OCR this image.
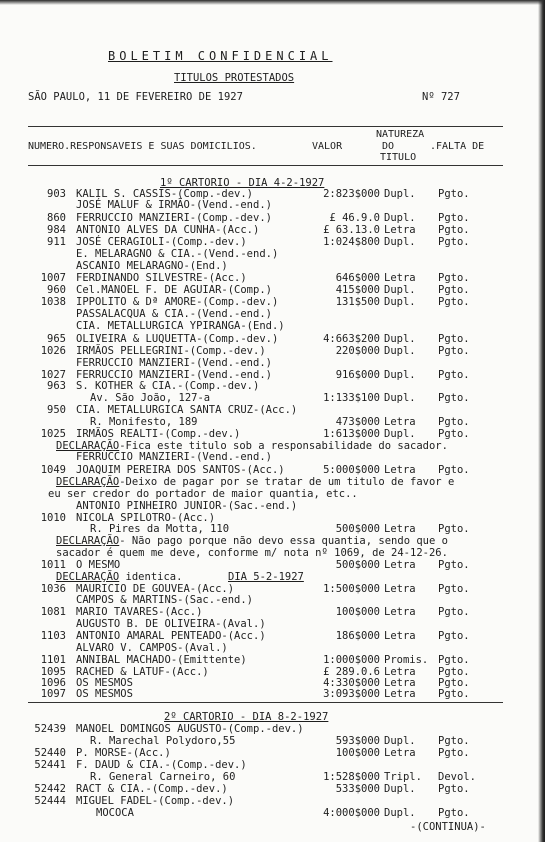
BOLETIM CONFIDENCIAL
TITULOS PROTESTADOS
SÃO PAULO, 11 DE FEVEREIRO DE 1927	Nº 727
NUMERO.RESPONSAVEIS E SUAS DOMICILIOS.	VALOR
NATUREZA
DO
TITULO
.FALTA DE
1º CARTORIO - DIA 4-2-1927
903 KALIL S. CASSIS-(Comp.-dev.)	2:823$000 Dupl. Pgto.
JOSÉ MALUF & IRMÃO-(Vend.-end.)
860 FERRUCCIO MANZIERI-(Comp.-dev.)	£ 46.9.0 Dupl. Pgto.
984 ANTONIO ALVES DA CUNHA-(Acc.)	£ 63.13.0 Letra Pgto.
911 JOSÉ CERAGIOLI-(Comp.-dev.)	1:024$800 Dupl. Pgto.
E. MELARAGNO & CIA.-(Vend.-end.)
ASCANIO MELARAGNO-(End.)
1007 FERDINANDO SILVESTRE-(Acc.)	646$000 Letra Pgto.
960 Cel.MANOEL F. DE AGUIAR-(Comp.)	415$000 Dupl. Pgto.
1038 IPPOLITO & Dª AMORE-(Comp.-dev.)	131$500 Dupl. Pgto.
PASSALACQUA & CIA.-(Vend.-end.)
CIA. METALLURGICA YPIRANGA-(End.)
965 OLIVEIRA & LUQUETTA-(Comp.-dev.)	4:663$200 Dupl. Pgto.
1026 IRMÃOS PELLEGRINI-(Comp.-dev.)	220$000 Dupl. Pgto.
FERRUCCIO MANZIERI-(Vend.-end.)
1027 FERRUCCIO MANZIERI-(Vend.-end.)	916$000 Dupl. Pgto.
963 S. KOTHER & CIA.-(Comp.-dev.)
Av. São João, 127-a	1:133$100 Dupl. Pgto.
950 CIA. METALLURGICA SANTA CRUZ-(Acc.)
R. Monifesto, 189	473$000 Letra Pgto.
1025 IRMÃOS REALTI-(Comp.-dev.)	1:613$000 Dupl. Pgto.
DECLARAÇÃO-Fica este titulo sob a responsabilidade do sacador.
FERRUCCIO MANZIERI-(Vend.-end.)
1049 JOAQUIM PEREIRA DOS SANTOS-(Acc.)	5:000$000 Letra Pgto.
DECLARAÇÃO-Deixo de pagar por se tratar de um titulo de favor e
eu ser credor do portador de maior quantia, etc..
ANTONIO PINHEIRO JUNIOR-(Sac.-end.)
1010 NICOLA SPILOTRO-(Acc.)
R. Pires da Motta, 110	500$000 Letra Pgto.
DECLARAÇÃO- Não pago porque não devo essa quantia, sendo que o
sacador é quem me deve, conforme m/ nota nº 1069, de 24-12-26.
1011 O MESMO	500$000 Letra Pgto.
DECLARAÇÃO identica.	DIA 5-2-1927
1036 MAURICIO DE GOUVEA-(Acc.)	1:500$000 Letra Pgto.
CAMPOS & MARTINS-(Sac.-end.)
1081 MARIO TAVARES-(Acc.)	100$000 Letra Pgto.
AUGUSTO B. DE OLIVEIRA-(Aval.)
1103 ANTONIO AMARAL PENTEADO-(Acc.)	186$000 Letra Pgto.
ALVARO V. CAMPOS-(Aval.)
1101 ANNIBAL MACHADO-(Emittente)	1:000$000 Promis. Pgto.
1095 RACHED & LATUF-(Acc.)	£ 289.0.6 Letra Pgto.
1096 OS MESMOS	4:330$000 Letra Pgto.
1097 OS MESMOS	3:093$000 Letra Pgto.
2º CARTORIO - DIA 8-2-1927
52439 MANOEL DOMINGOS AUGUSTO-(Comp.-dev.)
R. Marechal Polydoro,55	593$000 Dupl. Pgto.
52440 P. MORSE-(Acc.)	100$000 Letra Pgto.
52441 F. DAUD & CIA.-(Comp.-dev.)
R. General Carneiro, 60	1:528$000 Tripl. Devol.
52442 RACT & CIA.-(Comp.-dev.)	533$000 Dupl. Pgto.
52444 MIGUEL FADEL-(Comp.-dev.)
MOCOCA	4:000$000 Dupl. Pgto.
-(CONTINUA)-
